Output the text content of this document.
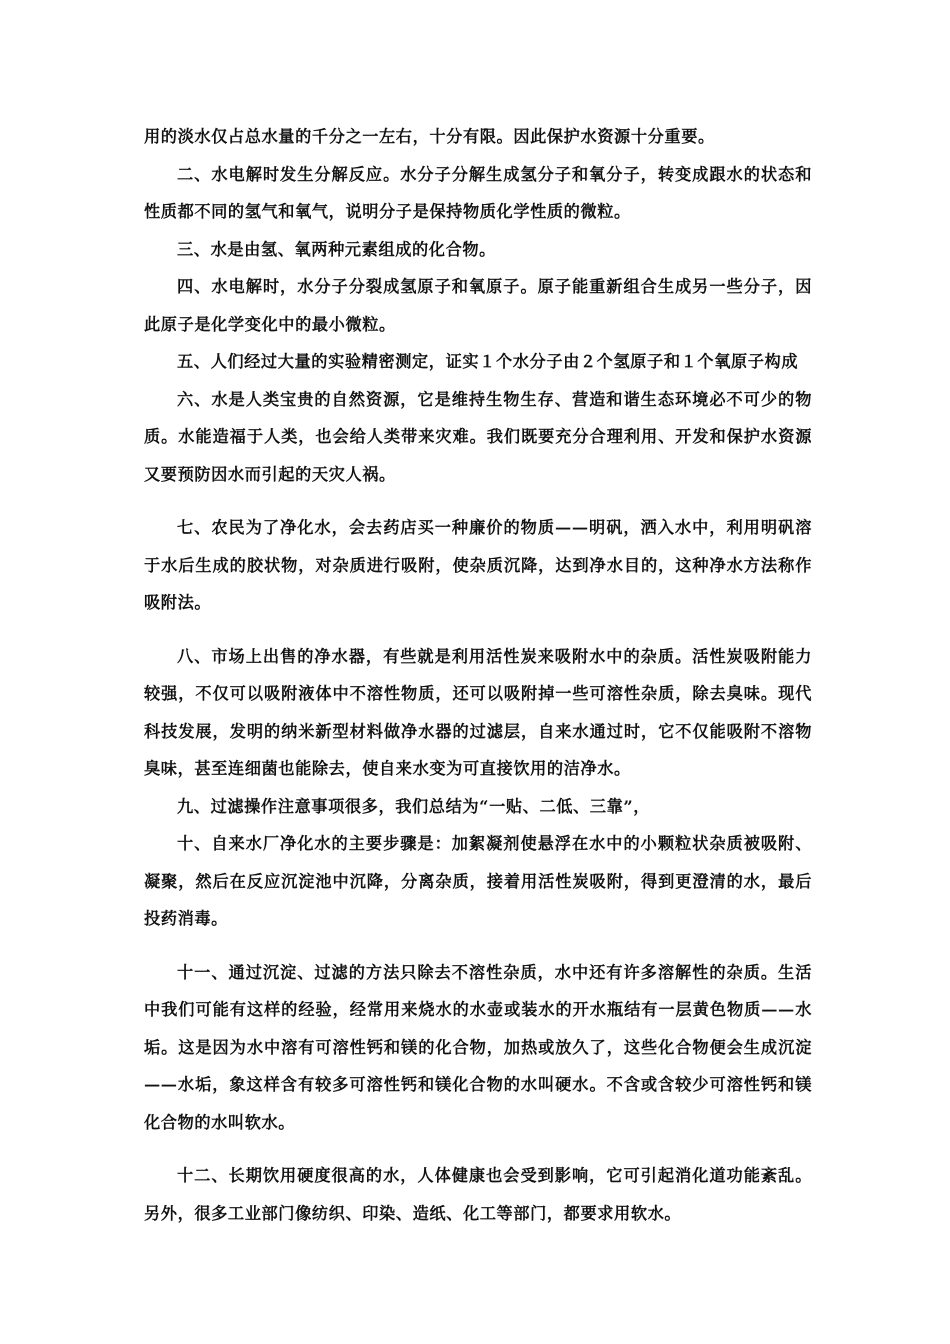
用的淡水仅占总水量的千分之一左右，十分有限。因此保护水资源十分重要。

二、水电解时发生分解反应。水分子分解生成氢分子和氧分子，转变成跟水的状态和性质都不同的氢气和氧气，说明分子是保持物质化学性质的微粒。

三、水是由氢、氧两种元素组成的化合物。

四、水电解时，水分子分裂成氢原子和氧原子。原子能重新组合生成另一些分子，因此原子是化学变化中的最小微粒。

五、人们经过大量的实验精密测定，证实１个水分子由２个氢原子和１个氧原子构成

六、水是人类宝贵的自然资源，它是维持生物生存、营造和谐生态环境必不可少的物质。水能造福于人类，也会给人类带来灾难。我们既要充分合理利用、开发和保护水资源又要预防因水而引起的天灾人祸。

七、农民为了净化水，会去药店买一种廉价的物质——明矾，洒入水中，利用明矾溶于水后生成的胶状物，对杂质进行吸附，使杂质沉降，达到净水目的，这种净水方法称作吸附法。

八、市场上出售的净水器，有些就是利用活性炭来吸附水中的杂质。活性炭吸附能力较强，不仅可以吸附液体中不溶性物质，还可以吸附掉一些可溶性杂质，除去臭味。现代科技发展，发明的纳米新型材料做净水器的过滤层，自来水通过时，它不仅能吸附不溶物臭味，甚至连细菌也能除去，使自来水变为可直接饮用的洁净水。

九、过滤操作注意事项很多，我们总结为“一贴、二低、三靠”，

十、自来水厂净化水的主要步骤是：加絮凝剂使悬浮在水中的小颗粒状杂质被吸附、凝聚，然后在反应沉淀池中沉降，分离杂质，接着用活性炭吸附，得到更澄清的水，最后投药消毒。

十一、通过沉淀、过滤的方法只除去不溶性杂质，水中还有许多溶解性的杂质。生活中我们可能有这样的经验，经常用来烧水的水壶或装水的开水瓶结有一层黄色物质——水垢。这是因为水中溶有可溶性钙和镁的化合物，加热或放久了，这些化合物便会生成沉淀——水垢，象这样含有较多可溶性钙和镁化合物的水叫硬水。不含或含较少可溶性钙和镁化合物的水叫软水。

十二、长期饮用硬度很高的水，人体健康也会受到影响，它可引起消化道功能紊乱。另外，很多工业部门像纺织、印染、造纸、化工等部门，都要求用软水。
